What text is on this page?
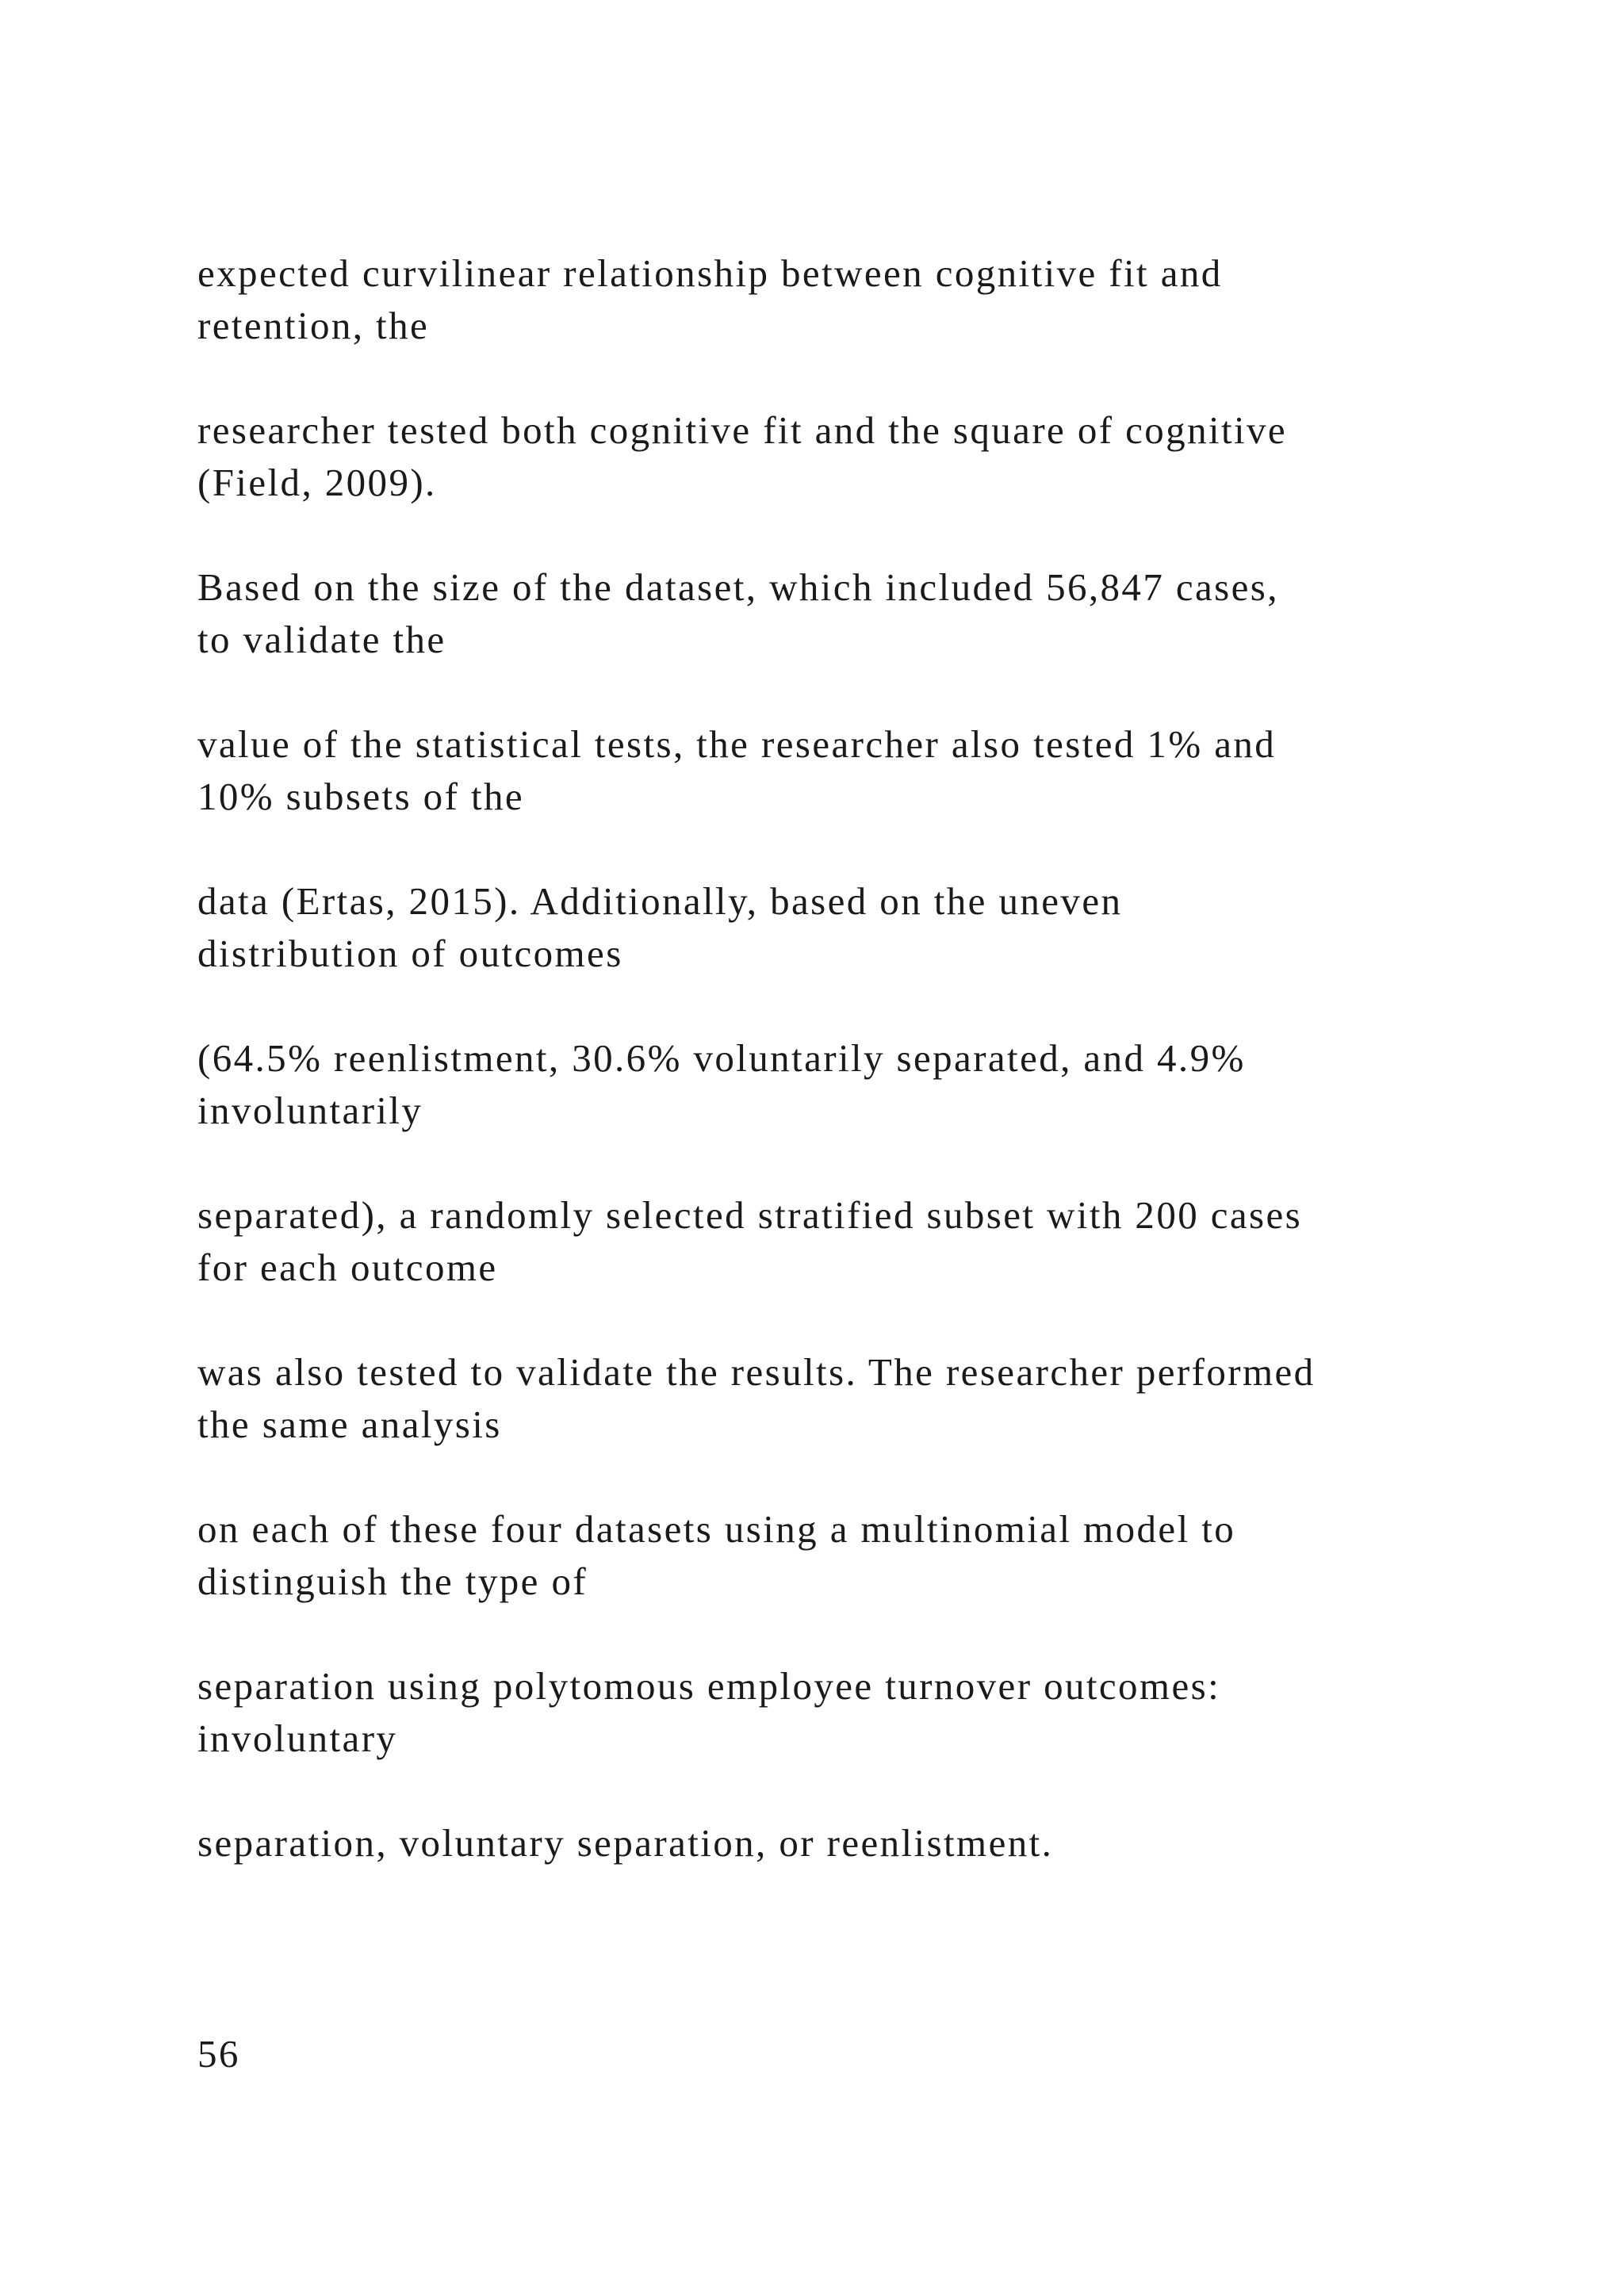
expected curvilinear relationship between cognitive fit and
retention, the

researcher tested both cognitive fit and the square of cognitive
(Field, 2009).

Based on the size of the dataset, which included 56,847 cases,
to validate the

value of the statistical tests, the researcher also tested 1% and
10% subsets of the

data (Ertas, 2015). Additionally, based on the uneven
distribution of outcomes

(64.5% reenlistment, 30.6% voluntarily separated, and 4.9%
involuntarily

separated), a randomly selected stratified subset with 200 cases
for each outcome

was also tested to validate the results. The researcher performed
the same analysis

on each of these four datasets using a multinomial model to
distinguish the type of

separation using polytomous employee turnover outcomes:
involuntary

separation, voluntary separation, or reenlistment.

56
